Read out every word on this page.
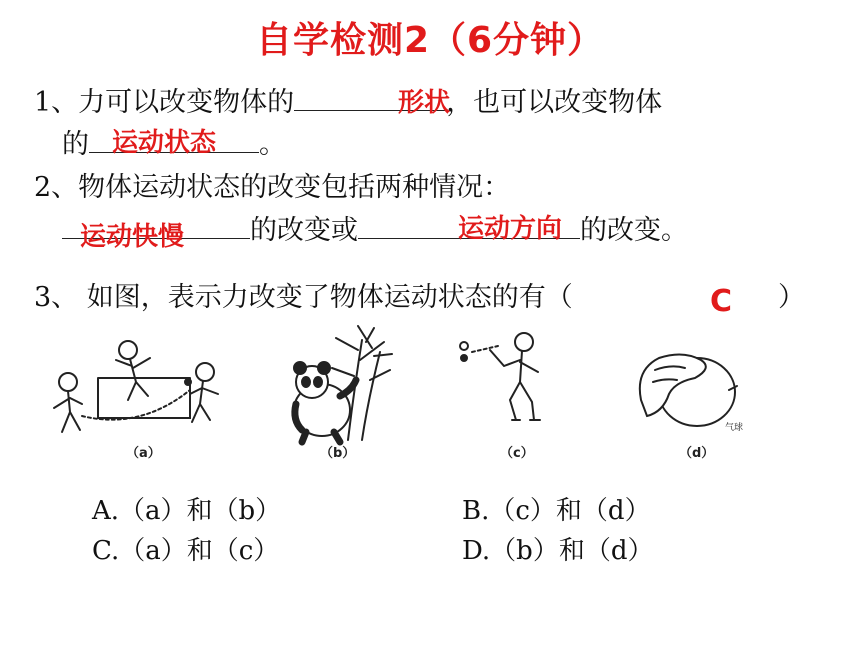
自学检测2（6分钟）
1、力可以改变物体的	，也可以改变物体
形状
的	。
运动状态
2、物体运动状态的改变包括两种情况：
的改变或	的改变。
运动快慢	运动方向
3、 如图，表示力改变了物体运动状态的有（	）
C
（a）	（b）	（c）	（d）
气球
A.（a）和（b）	B.（c）和（d）
C.（a）和（c）	D.（b）和（d）
